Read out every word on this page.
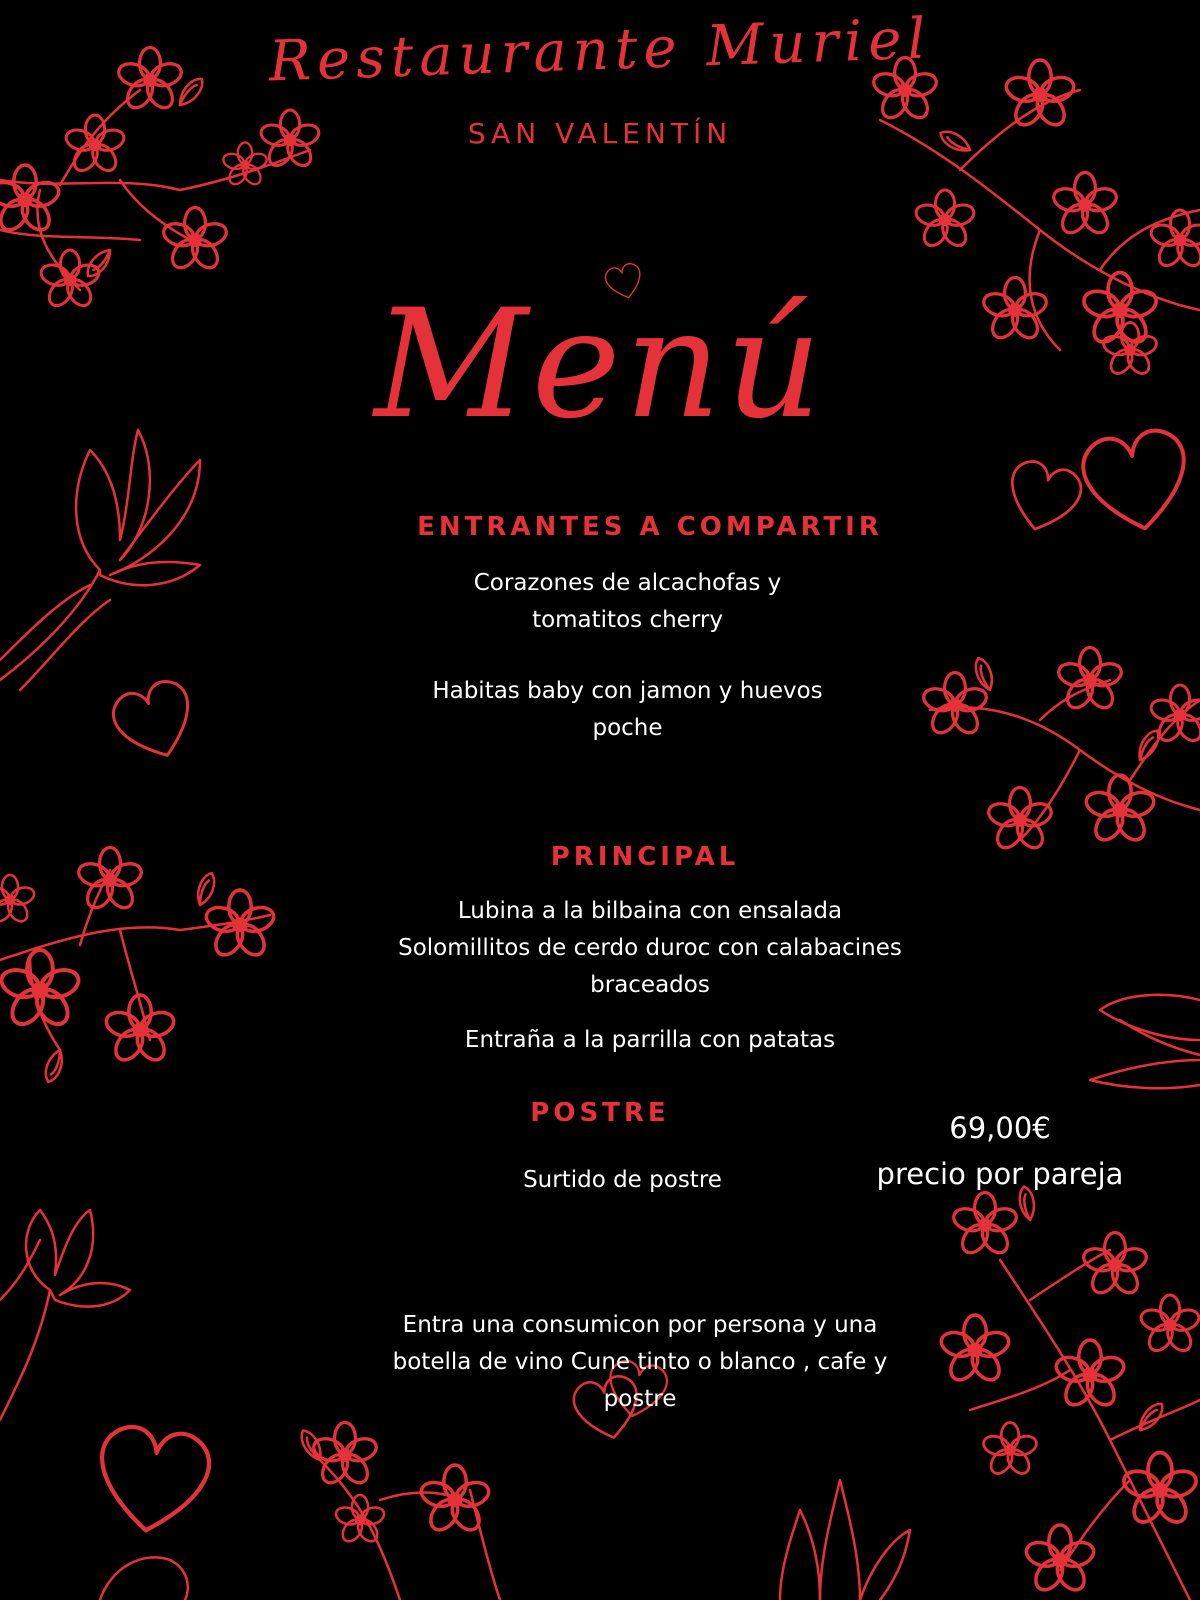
Restaurante Muriel
SAN VALENTÍN
Menú
ENTRANTES A COMPARTIR
Corazones de alcachofas y tomatitos cherry
Habitas baby con jamon y huevos poche
PRINCIPAL
Lubina a la bilbaina con ensalada
Solomillitos de cerdo duroc con calabacines braceados
Entraña a la parrilla con patatas
POSTRE
Surtido de postre
69,00€
precio por pareja
Entra una consumicon por persona y una botella de vino Cune tinto o blanco , cafe y postre
